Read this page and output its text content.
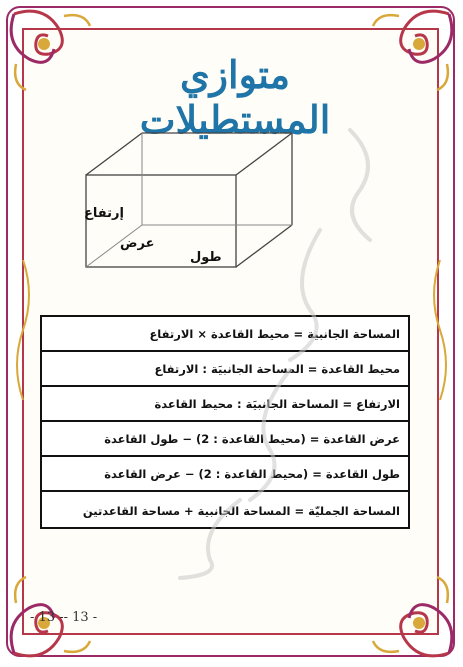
متوازي المستطيلات
إرتفاع
عرض
طول
المساحة الجانبية = محيط القاعدة × الارتفاع
محيط القاعدة = المساحة الجانبيَة : الارتفاع
الارتفاع = المساحة الجانبيَة : محيط القاعدة
عرض القاعدة = (محيط القاعدة : 2) − طول القاعدة
طول القاعدة = (محيط القاعدة : 2) − عرض القاعدة
المساحة الجمليّة = المساحة الجانبية + مساحة القاعدتين
- 13 -- 13 -
